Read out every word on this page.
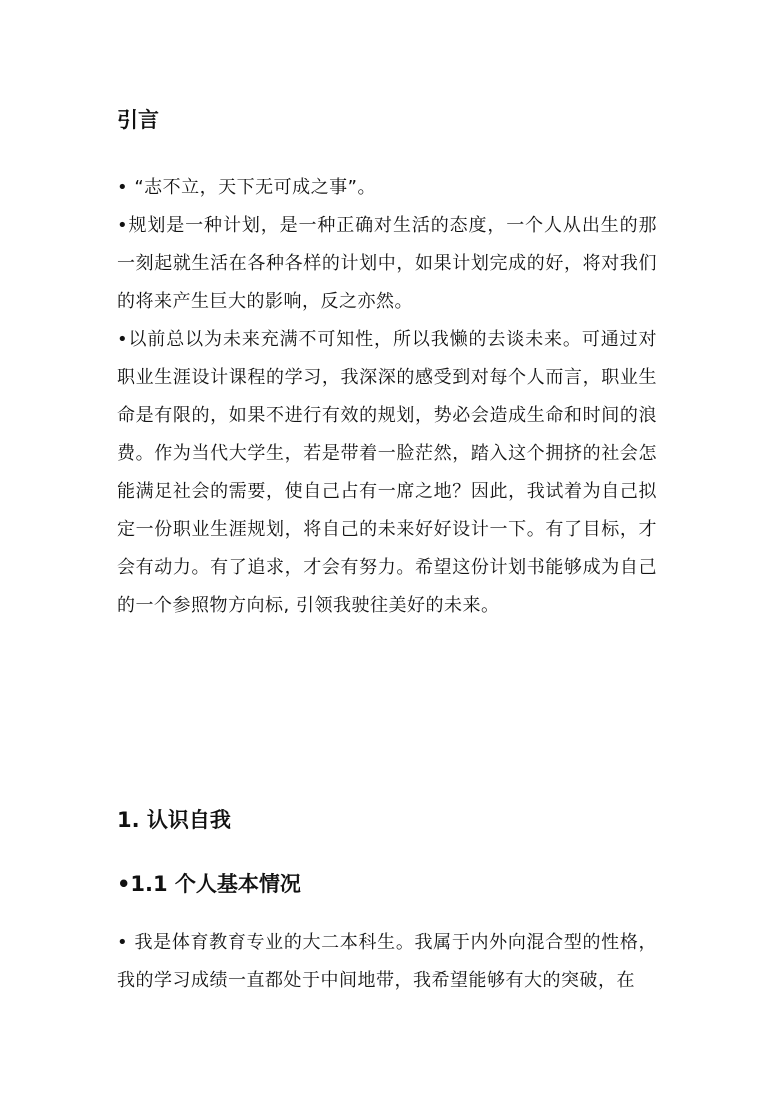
引言
• “志不立，天下无可成之事”。
•规划是一种计划，是一种正确对生活的态度，一个人从出生的那一刻起就生活在各种各样的计划中，如果计划完成的好，将对我们的将来产生巨大的影响，反之亦然。
•以前总以为未来充满不可知性，所以我懒的去谈未来。可通过对职业生涯设计课程的学习，我深深的感受到对每个人而言，职业生命是有限的，如果不进行有效的规划，势必会造成生命和时间的浪费。作为当代大学生，若是带着一脸茫然，踏入这个拥挤的社会怎能满足社会的需要，使自己占有一席之地？因此，我试着为自己拟定一份职业生涯规划，将自己的未来好好设计一下。有了目标，才会有动力。有了追求，才会有努力。希望这份计划书能够成为自己的一个参照物方向标, 引领我驶往美好的未来。
1. 认识自我
•1.1 个人基本情况
• 我是体育教育专业的大二本科生。我属于内外向混合型的性格，我的学习成绩一直都处于中间地带，我希望能够有大的突破，在
